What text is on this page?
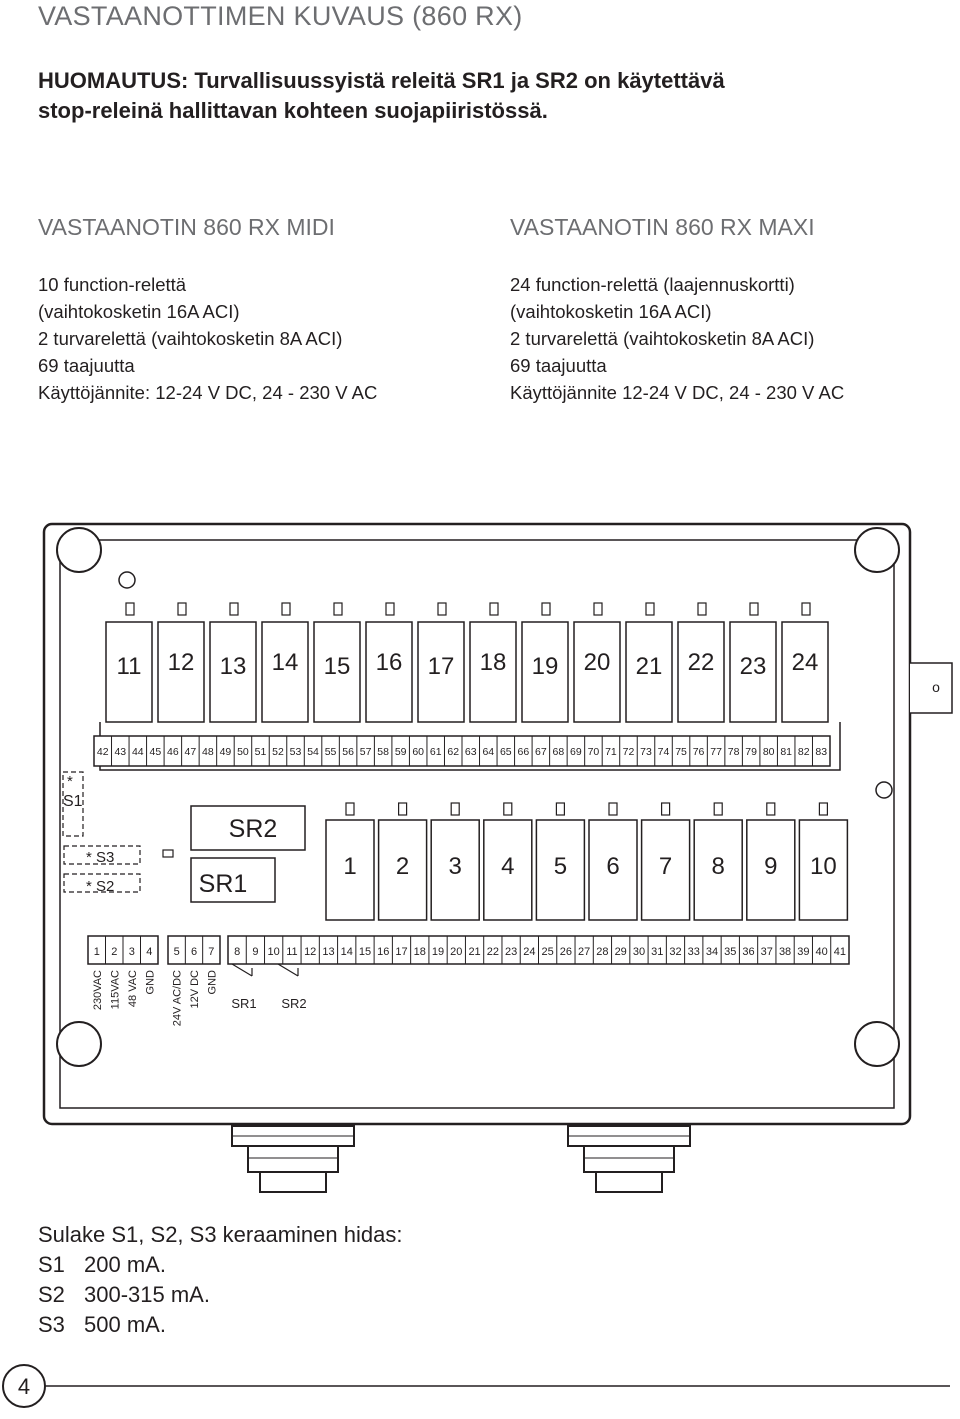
VASTAANOTTIMEN KUVAUS (860 RX)
HUOMAUTUS: Turvallisuussyistä releitä SR1 ja SR2 on käytettävä
stop-releinä hallittavan kohteen suojapiiristössä.
VASTAANOTIN 860 RX MIDI
10 function-relettä
(vaihtokosketin 16A ACI)
2 turvarelettä (vaihtokosketin 8A ACI)
69 taajuutta
Käyttöjännite: 12-24 V DC, 24 - 230 V AC
VASTAANOTIN 860 RX MAXI
24 function-relettä (laajennuskortti)
(vaihtokosketin 16A ACI)
2 turvarelettä (vaihtokosketin 8A ACI)
69 taajuutta
Käyttöjännite 12-24 V DC, 24 - 230 V AC
o
11 12 13 14 15 16 17 18 19 20 21 22 23 24
42 43 44 45 46 47 48 49 50 51 52 53 54 55 56 57 58 59 60 61 62 63 64 65 66 67 68 69 70 71 72 73 74 75 76 77 78 79 80 81 82 83
*
S1
* S3
* S2
SR2
SR1
1 2 3 4 5 6 7 8 9 10
1 2 3 4 5 6 7 8 9 10 11 12 13 14 15 16 17 18 19 20 21 22 23 24 25 26 27 28 29 30 31 32 33 34 35 36 37 38 39 40 41
230VAC 115VAC 48 VAC GND 24V AC/DC 12V DC GND
SR1 SR2
Sulake S1, S2, S3 keraaminen hidas:
S1 200 mA.
S2 300-315 mA.
S3 500 mA.
4
